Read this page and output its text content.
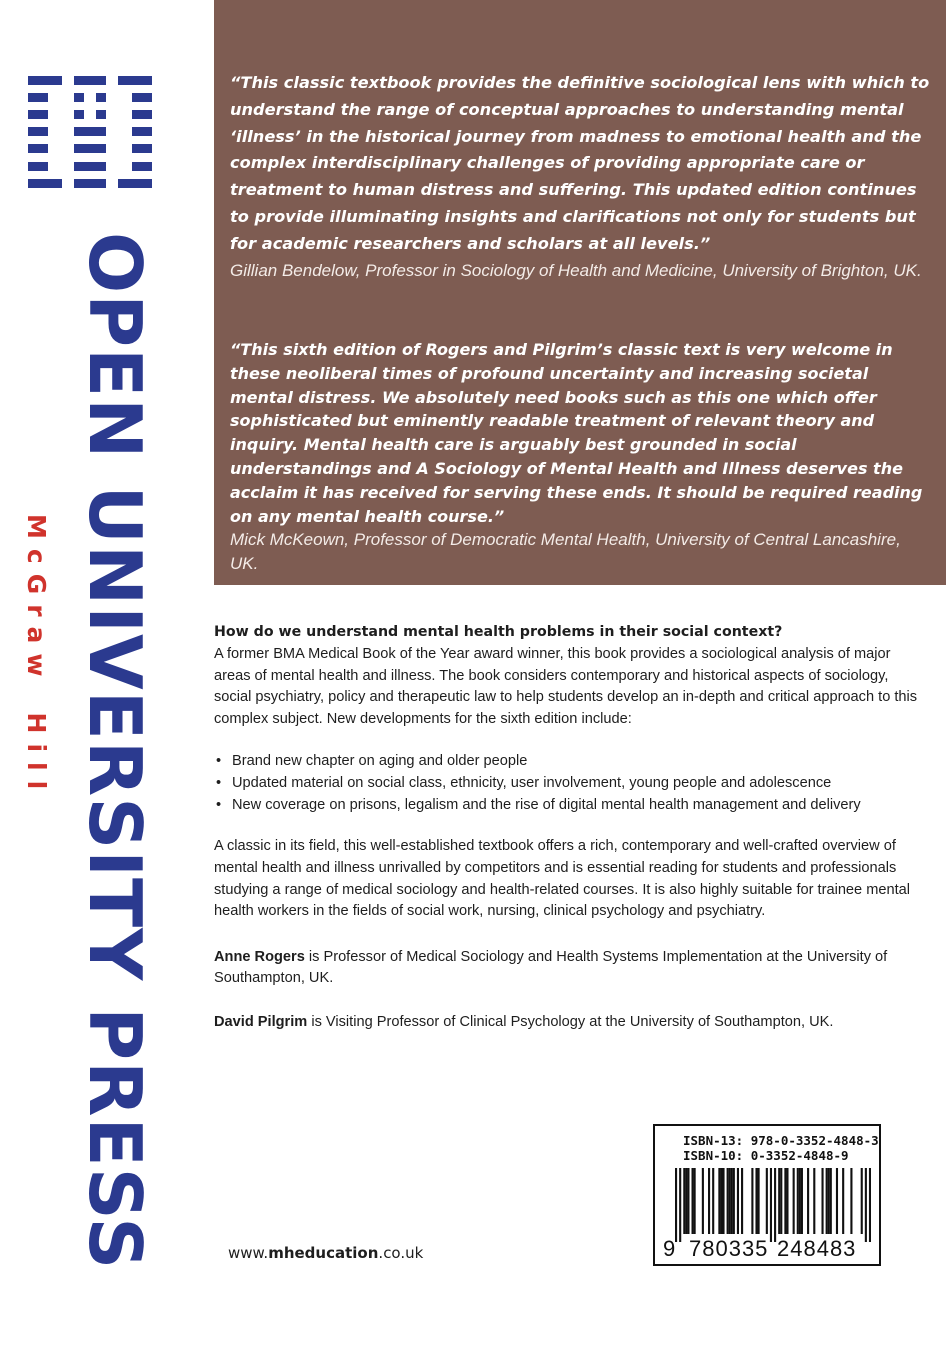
OPEN UNIVERSITY PRESS
McGrawHill

“This classic textbook provides the definitive sociological lens with which to understand the range of conceptual approaches to understanding mental ‘illness’ in the historical journey from madness to emotional health and the complex interdisciplinary challenges of providing appropriate care or treatment to human distress and suffering. This updated edition continues to provide illuminating insights and clarifications not only for students but for academic researchers and scholars at all levels.”

Gillian Bendelow, Professor in Sociology of Health and Medicine, University of Brighton, UK.

“This sixth edition of Rogers and Pilgrim’s classic text is very welcome in these neoliberal times of profound uncertainty and increasing societal mental distress. We absolutely need books such as this one which offer sophisticated but eminently readable treatment of relevant theory and inquiry. Mental health care is arguably best grounded in social understandings and A Sociology of Mental Health and Illness deserves the acclaim it has received for serving these ends. It should be required reading on any mental health course.”

Mick McKeown, Professor of Democratic Mental Health, University of Central Lancashire, UK.

How do we understand mental health problems in their social context?

A former BMA Medical Book of the Year award winner, this book provides a sociological analysis of major areas of mental health and illness. The book considers contemporary and historical aspects of sociology, social psychiatry, policy and therapeutic law to help students develop an in-depth and critical approach to this complex subject. New developments for the sixth edition include:

• Brand new chapter on aging and older people
• Updated material on social class, ethnicity, user involvement, young people and adolescence
• New coverage on prisons, legalism and the rise of digital mental health management and delivery

A classic in its field, this well-established textbook offers a rich, contemporary and well-crafted overview of mental health and illness unrivalled by competitors and is essential reading for students and professionals studying a range of medical sociology and health-related courses. It is also highly suitable for trainee mental health workers in the fields of social work, nursing, clinical psychology and psychiatry.

Anne Rogers is Professor of Medical Sociology and Health Systems Implementation at the University of Southampton, UK.

David Pilgrim is Visiting Professor of Clinical Psychology at the University of Southampton, UK.

www.mheducation.co.uk
ISBN-13: 978-0-3352-4848-3
ISBN-10: 0-3352-4848-9
9 780335 248483
